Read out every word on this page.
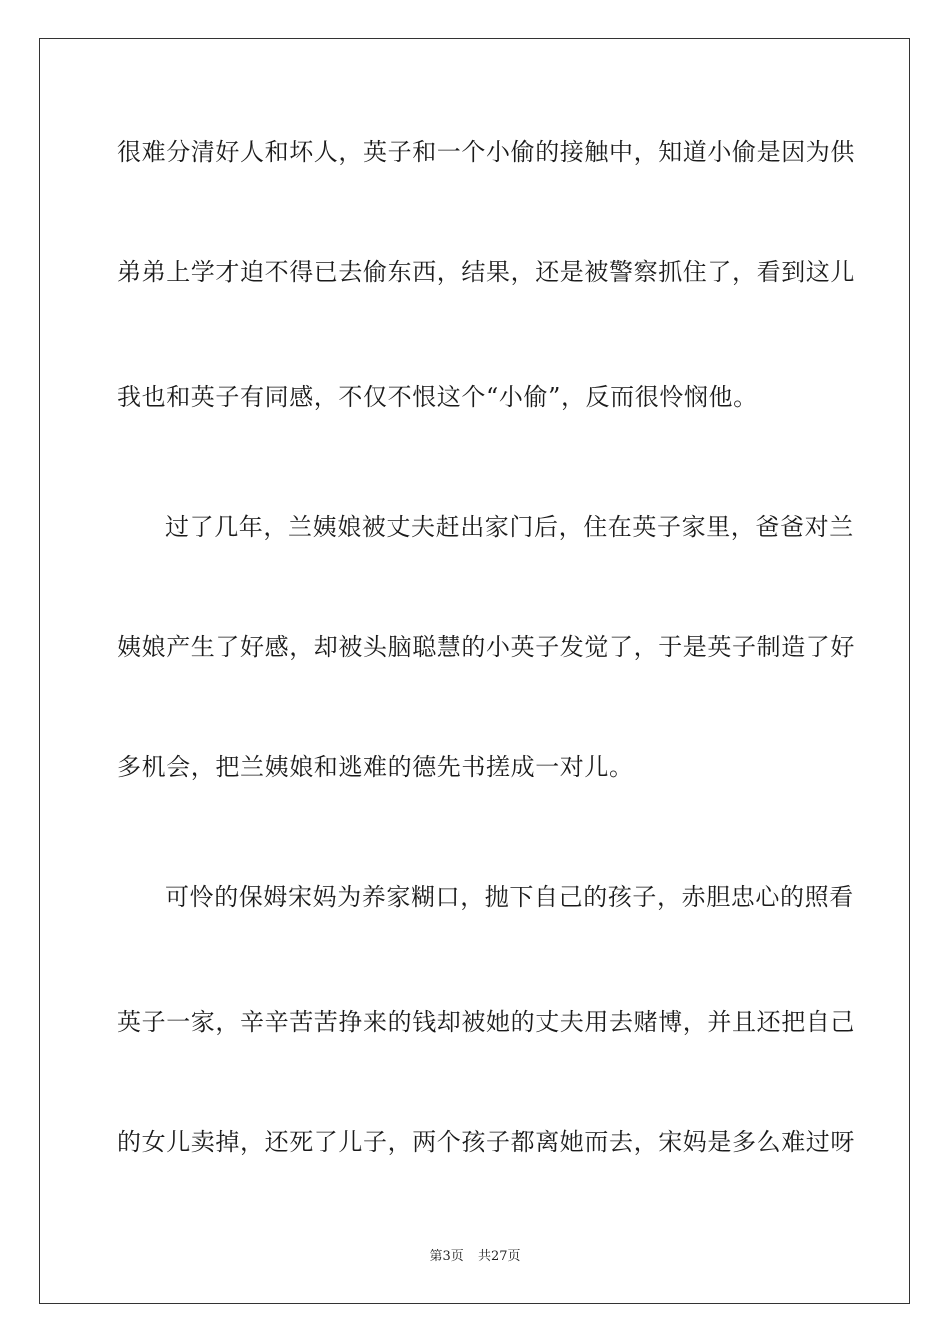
很难分清好人和坏人，英子和一个小偷的接触中，知道小偷是因为供
弟弟上学才迫不得已去偷东西，结果，还是被警察抓住了，看到这儿
我也和英子有同感，不仅不恨这个“小偷”，反而很怜悯他。
过了几年，兰姨娘被丈夫赶出家门后，住在英子家里，爸爸对兰
姨娘产生了好感，却被头脑聪慧的小英子发觉了，于是英子制造了好
多机会，把兰姨娘和逃难的德先书搓成一对儿。
可怜的保姆宋妈为养家糊口，抛下自己的孩子，赤胆忠心的照看
英子一家，辛辛苦苦挣来的钱却被她的丈夫用去赌博，并且还把自己
的女儿卖掉，还死了儿子，两个孩子都离她而去，宋妈是多么难过呀
第3页 共27页
